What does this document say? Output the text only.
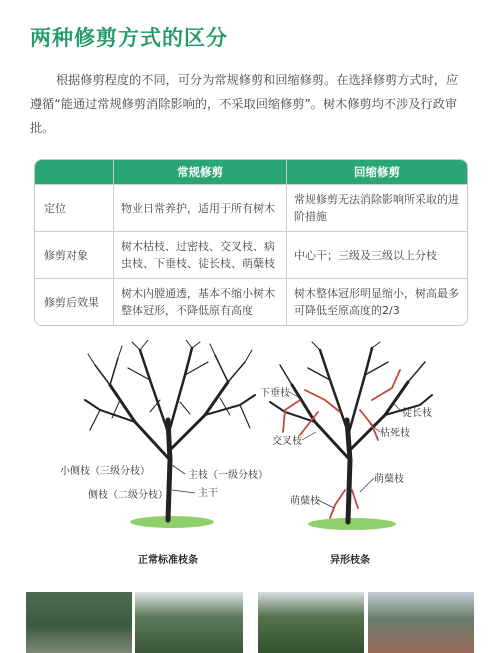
两种修剪方式的区分
根据修剪程度的不同，可分为常规修剪和回缩修剪。在选择修剪方式时，应遵循“能通过常规修剪消除影响的，不采取回缩修剪”。树木修剪均不涉及行政审批。
	常规修剪	回缩修剪
定位	物业日常养护，适用于所有树木	常规修剪无法消除影响所采取的进阶措施
修剪对象	树木枯枝、过密枝、交叉枝、病虫枝、下垂枝、徒长枝、萌蘖枝	中心干；三级及三级以上分枝
修剪后效果	树木内膛通透，基本不缩小树木整体冠形，不降低原有高度	树木整体冠形明显缩小，树高最多可降低至原高度的2/3
小侧枝（三级分枝）	主枝（一级分枝）
侧枝（二级分枝）	主干
下垂枝
徒长枝
交叉枝
枯死枝
萌蘖枝
萌蘖枝
正常标准枝条	异形枝条
